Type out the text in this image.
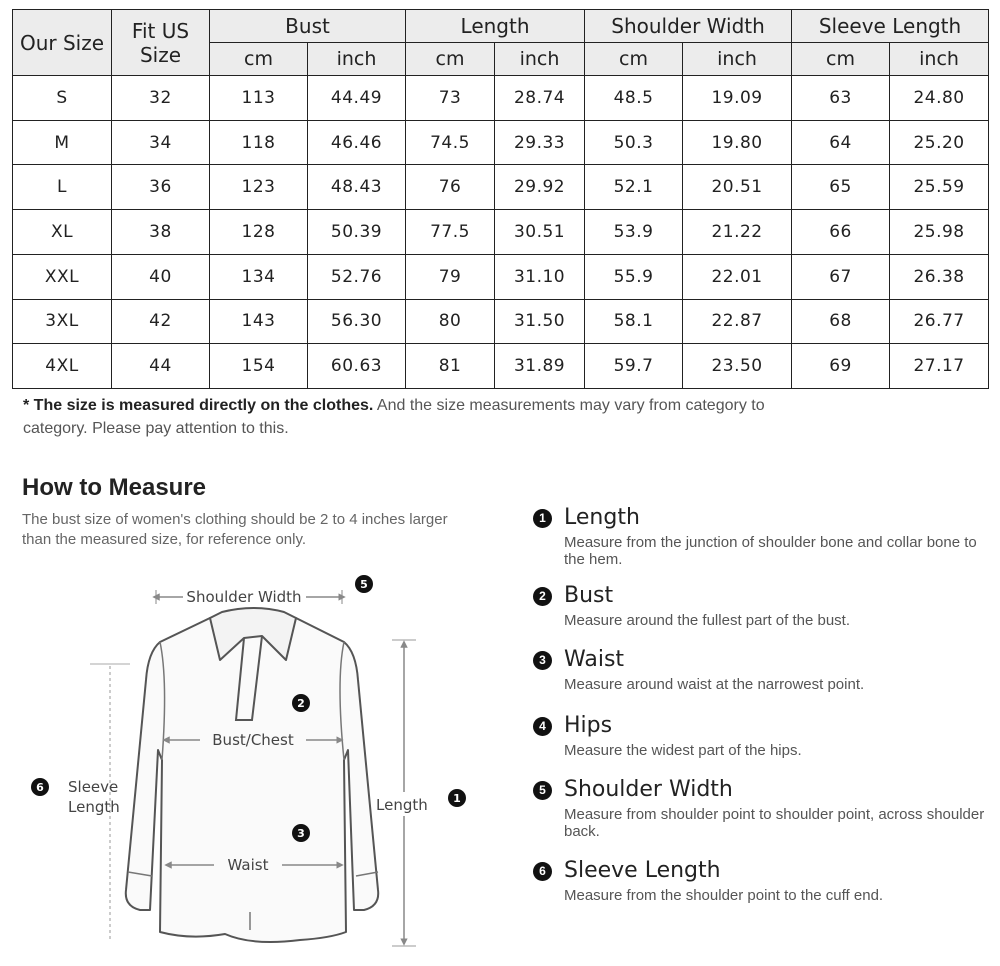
Our Size	Fit US Size	Bust		Length		Shoulder Width		Sleeve Length	
		cm	inch	cm	inch	cm	inch	cm	inch
S	32	113	44.49	73	28.74	48.5	19.09	63	24.80
M	34	118	46.46	74.5	29.33	50.3	19.80	64	25.20
L	36	123	48.43	76	29.92	52.1	20.51	65	25.59
XL	38	128	50.39	77.5	30.51	53.9	21.22	66	25.98
XXL	40	134	52.76	79	31.10	55.9	22.01	67	26.38
3XL	42	143	56.30	80	31.50	58.1	22.87	68	26.77
4XL	44	154	60.63	81	31.89	59.7	23.50	69	27.17
* The size is measured directly on the clothes. And the size measurements may vary from category to category. Please pay attention to this.
How to Measure
The bust size of women's clothing should be 2 to 4 inches larger than the measured size, for reference only.
Shoulder Width
Bust/Chest
Waist
Sleeve
Length	Length 1
2
3
5
6
1 Length
Measure from the junction of shoulder bone and collar bone to the hem.
2 Bust
Measure around the fullest part of the bust.
3 Waist
Measure around waist at the narrowest point.
4 Hips
Measure the widest part of the hips.
5 Shoulder Width
Measure from shoulder point to shoulder point, across shoulder back.
6 Sleeve Length
Measure from the shoulder point to the cuff end.
